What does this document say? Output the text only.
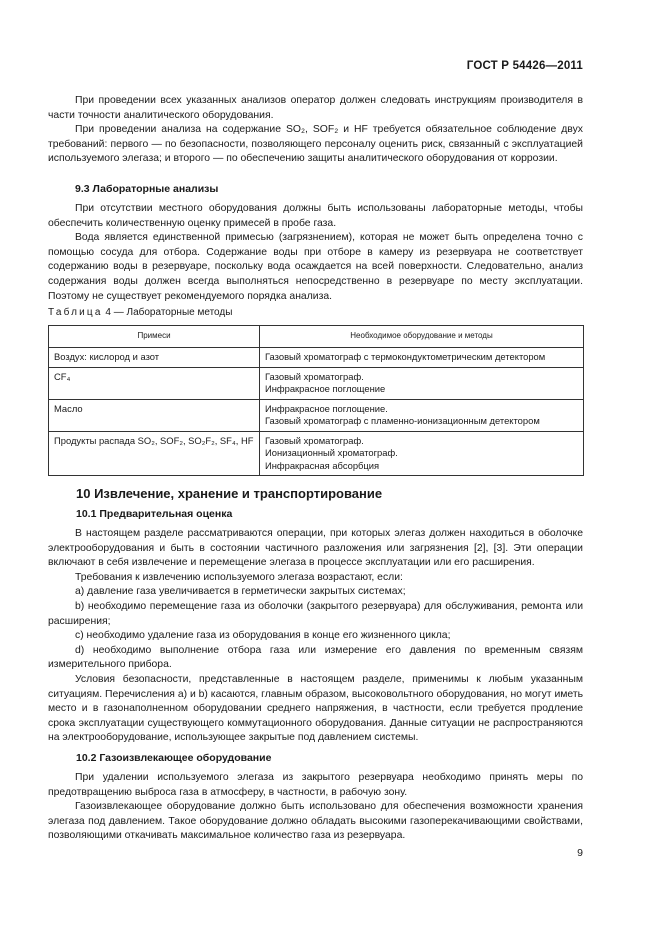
ГОСТ Р 54426—2011

При проведении всех указанных анализов оператор должен следовать инструкциям производителя в части точности аналитического оборудования.

При проведении анализа на содержание SO₂, SOF₂ и HF требуется обязательное соблюдение двух требований: первого — по безопасности, позволяющего персоналу оценить риск, связанный с эксплуатацией используемого элегаза; и второго — по обеспечению защиты аналитического оборудования от коррозии.

9.3 Лабораторные анализы

При отсутствии местного оборудования должны быть использованы лабораторные методы, чтобы обеспечить количественную оценку примесей в пробе газа.

Вода является единственной примесью (загрязнением), которая не может быть определена точно с помощью сосуда для отбора. Содержание воды при отборе в камеру из резервуара не соответствует содержанию воды в резервуаре, поскольку вода осаждается на всей поверхности. Следовательно, анализ содержания воды должен всегда выполняться непосредственно в резервуаре по месту эксплуатации. Поэтому не существует рекомендуемого порядка анализа.

Таблица 4 — Лабораторные методы
Примеси	Необходимое оборудование и методы
Воздух: кислород и азот	Газовый хроматограф с термокондуктометрическим детектором
CF₄	Газовый хроматограф.
Инфракрасное поглощение
Масло	Инфракрасное поглощение.
Газовый хроматограф с пламенно-ионизационным детектором
Продукты распада SO₂, SOF₂, SO₂F₂, SF₄, HF	Газовый хроматограф.
Ионизационный хроматограф.
Инфракрасная абсорбция
10 Извлечение, хранение и транспортирование
10.1 Предварительная оценка

В настоящем разделе рассматриваются операции, при которых элегаз должен находиться в оболочке электрооборудования и быть в состоянии частичного разложения или загрязнения [2], [3]. Эти операции включают в себя извлечение и перемещение элегаза в процессе эксплуатации или его расширения.

Требования к извлечению используемого элегаза возрастают, если:

a) давление газа увеличивается в герметически закрытых системах;

b) необходимо перемещение газа из оболочки (закрытого резервуара) для обслуживания, ремонта или расширения;

c) необходимо удаление газа из оборудования в конце его жизненного цикла;

d) необходимо выполнение отбора газа или измерение его давления по временным связям измерительного прибора.

Условия безопасности, представленные в настоящем разделе, применимы к любым указанным ситуациям. Перечисления а) и b) касаются, главным образом, высоковольтного оборудования, но могут иметь место и в газонаполненном оборудовании среднего напряжения, в частности, если требуется продление срока эксплуатации существующего коммутационного оборудования. Данные ситуации не распространяются на электрооборудование, использующее закрытые под давлением системы.

10.2 Газоизвлекающее оборудование

При удалении используемого элегаза из закрытого резервуара необходимо принять меры по предотвращению выброса газа в атмосферу, в частности, в рабочую зону.

Газоизвлекающее оборудование должно быть использовано для обеспечения возможности хранения элегаза под давлением. Такое оборудование должно обладать высокими газоперекачивающими свойствами, позволяющими откачивать максимальное количество газа из резервуара.

9
